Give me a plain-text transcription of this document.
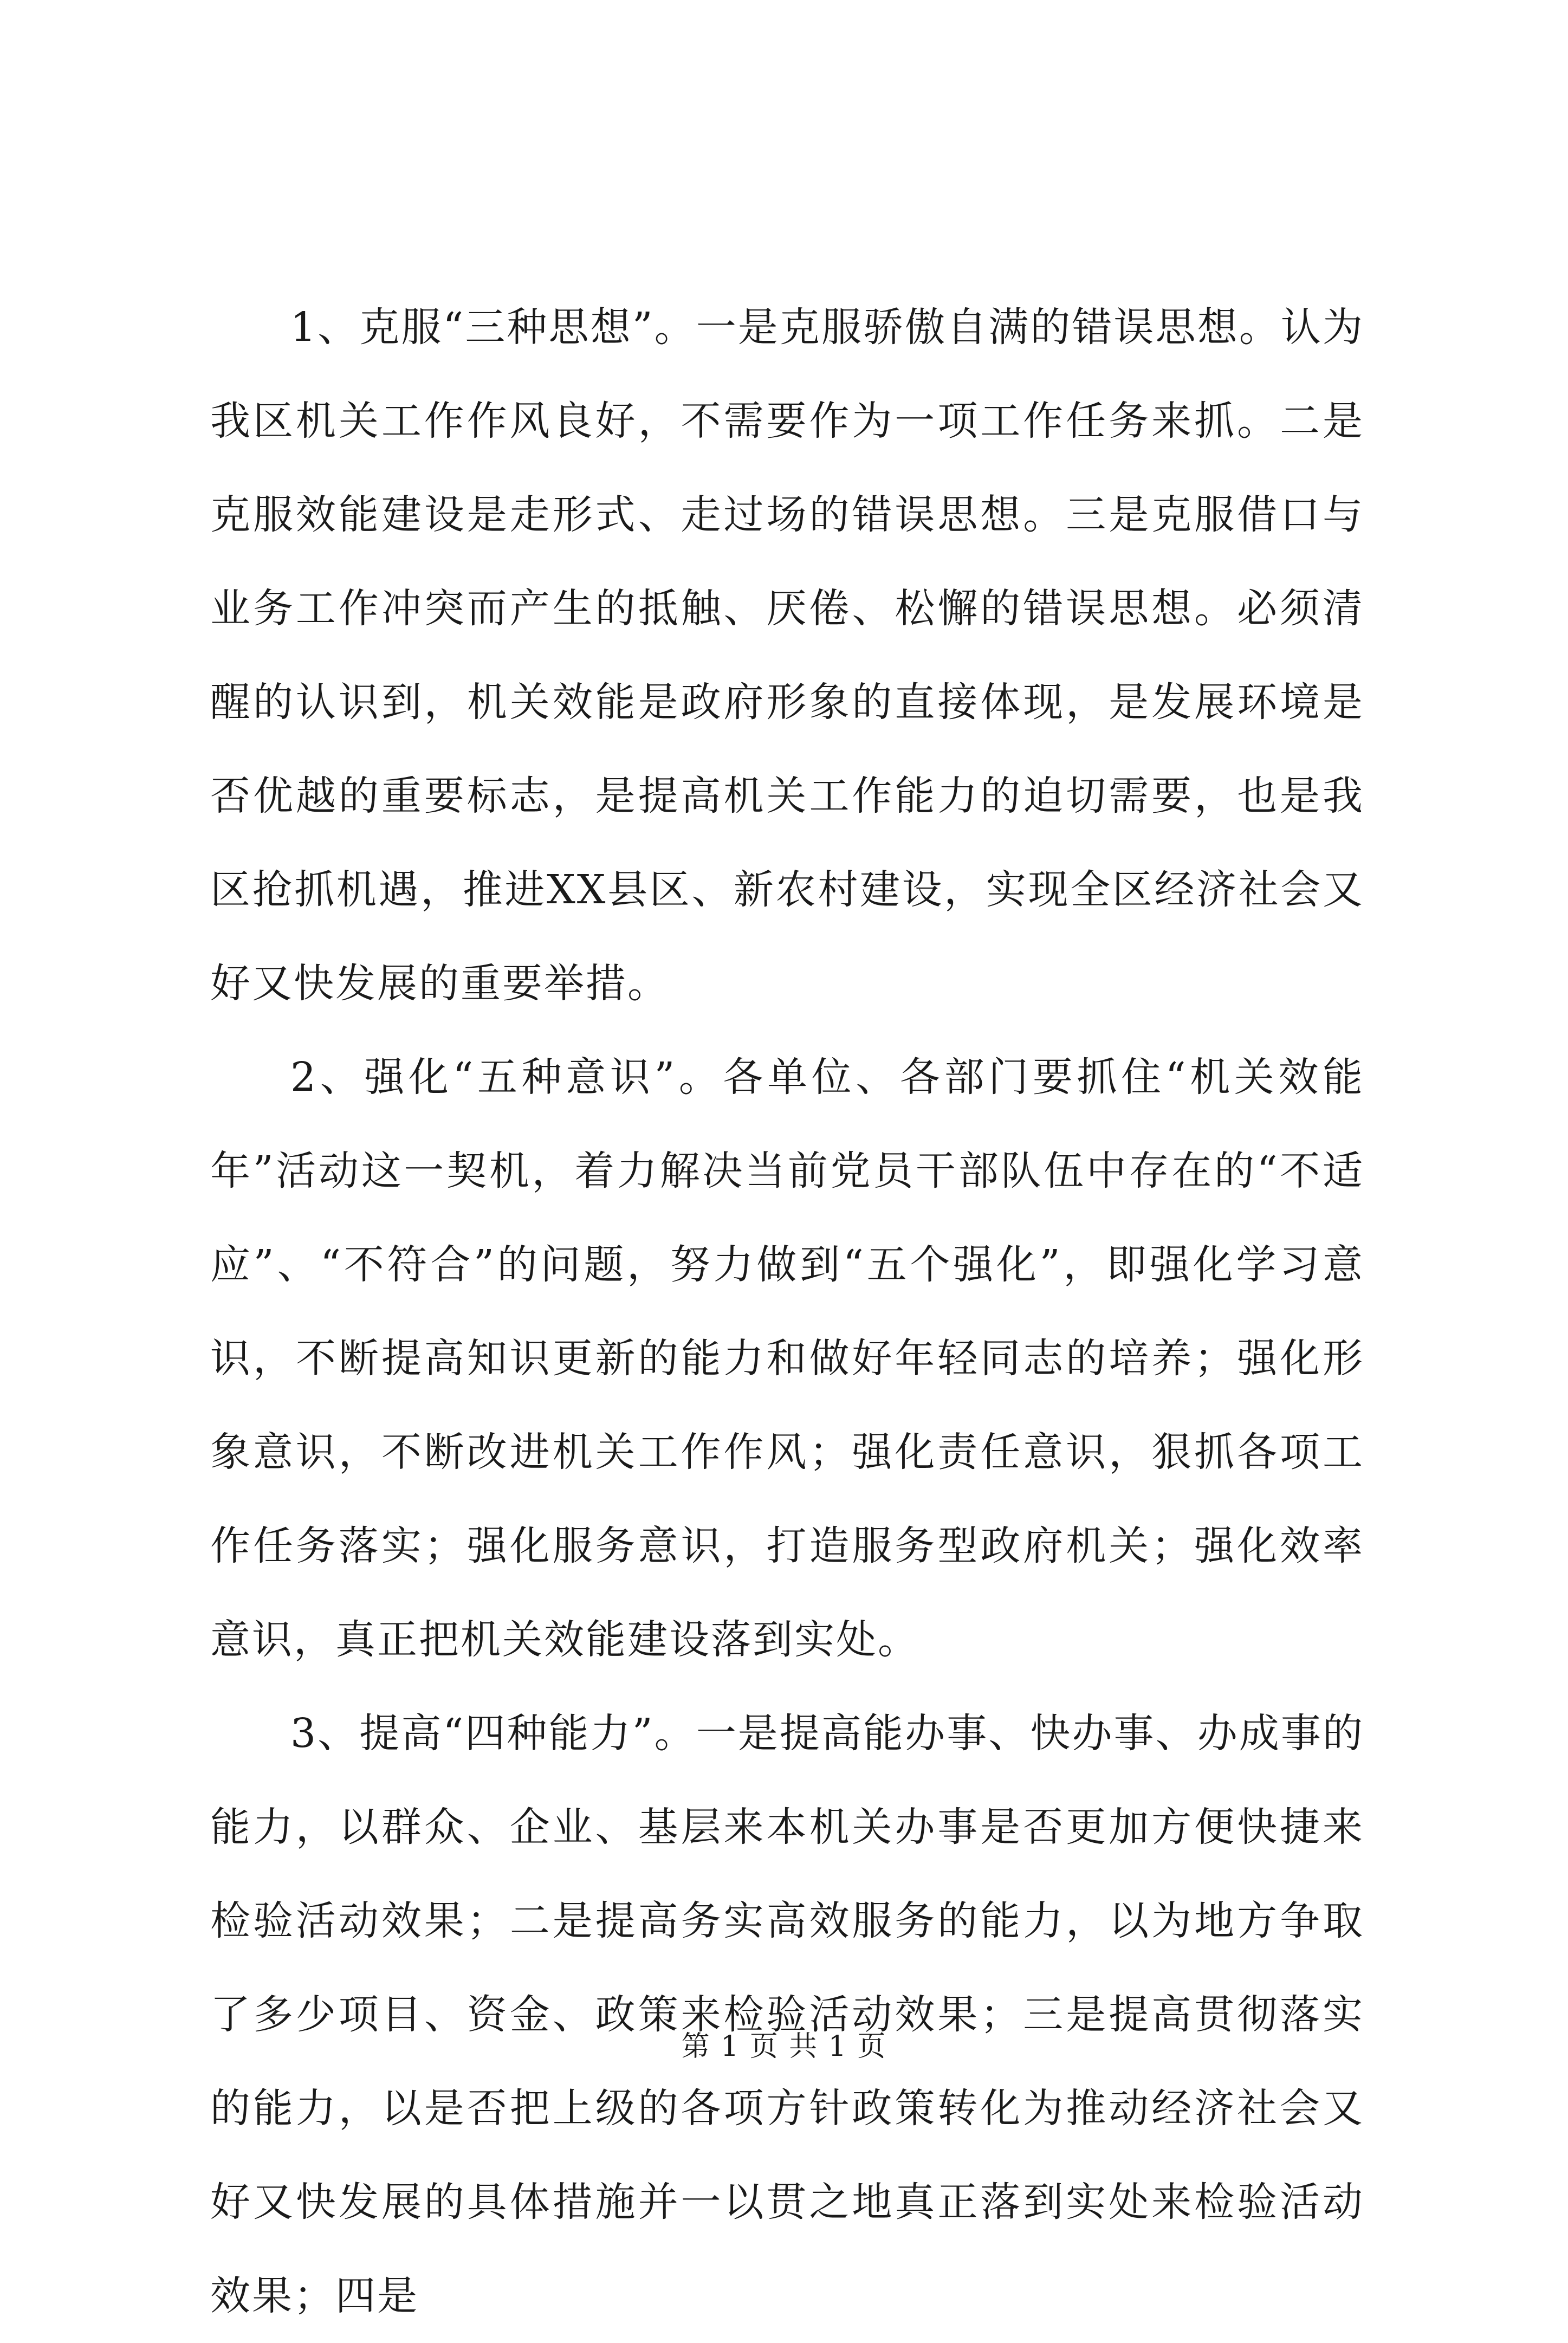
1、克服“三种思想”。一是克服骄傲自满的错误思想。认为我区机关工作作风良好，不需要作为一项工作任务来抓。二是克服效能建设是走形式、走过场的错误思想。三是克服借口与业务工作冲突而产生的抵触、厌倦、松懈的错误思想。必须清醒的认识到，机关效能是政府形象的直接体现，是发展环境是否优越的重要标志，是提高机关工作能力的迫切需要，也是我区抢抓机遇，推进XX县区、新农村建设，实现全区经济社会又好又快发展的重要举措。

2、强化“五种意识”。各单位、各部门要抓住“机关效能年”活动这一契机，着力解决当前党员干部队伍中存在的“不适应”、“不符合”的问题，努力做到“五个强化”，即强化学习意识，不断提高知识更新的能力和做好年轻同志的培养；强化形象意识，不断改进机关工作作风；强化责任意识，狠抓各项工作任务落实；强化服务意识，打造服务型政府机关；强化效率意识，真正把机关效能建设落到实处。

3、提高“四种能力”。一是提高能办事、快办事、办成事的能力，以群众、企业、基层来本机关办事是否更加方便快捷来检验活动效果；二是提高务实高效服务的能力，以为地方争取了多少项目、资金、政策来检验活动效果；三是提高贯彻落实的能力，以是否把上级的各项方针政策转化为推动经济社会又好又快发展的具体措施并一以贯之地真正落到实处来检验活动效果；四是

第 1 页 共 1 页
